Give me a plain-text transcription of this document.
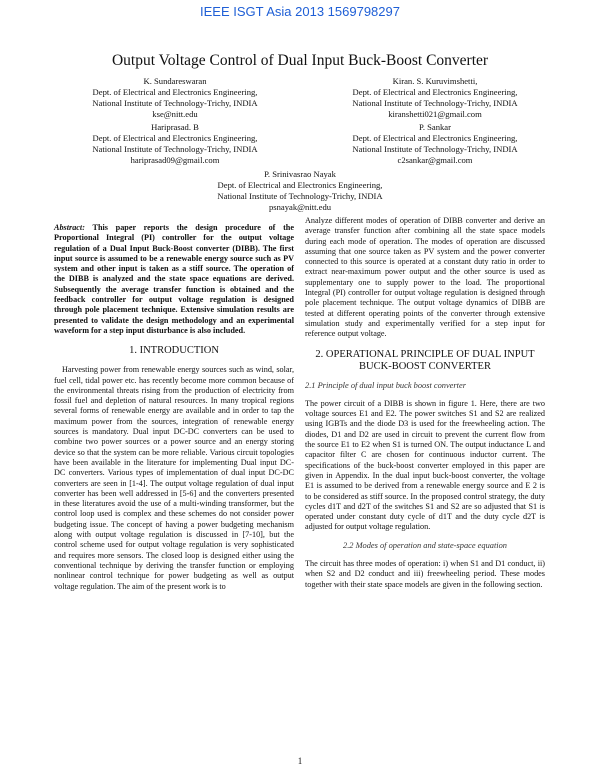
IEEE ISGT Asia 2013 1569798297
Output Voltage Control of Dual Input Buck-Boost Converter
K. Sundareswaran
Dept. of Electrical and Electronics Engineering,
National Institute of Technology-Trichy, INDIA
kse@nitt.edu
Kiran. S. Kuruvimshetti,
Dept. of Electrical and Electronics Engineering,
National Institute of Technology-Trichy, INDIA
kiranshetti021@gmail.com
Hariprasad. B
Dept. of Electrical and Electronics Engineering,
National Institute of Technology-Trichy, INDIA
hariprasad09@gmail.com
P. Sankar
Dept. of Electrical and Electronics Engineering,
National Institute of Technology-Trichy, INDIA
c2sankar@gmail.com
P. Srinivasrao Nayak
Dept. of Electrical and Electronics Engineering,
National Institute of Technology-Trichy, INDIA
psnayak@nitt.edu

Abstract: This paper reports the design procedure of the Proportional Integral (PI) controller for the output voltage regulation of a Dual Input Buck-Boost converter (DIBB). The first input source is assumed to be a renewable energy source such as PV system and other input is taken as a stiff source. The operation of the DIBB is analyzed and the state space equations are derived. Subsequently the average transfer function is obtained and the feedback controller for output voltage regulation is designed through pole placement technique. Extensive simulation results are presented to validate the design methodology and an experimental waveform for a step input disturbance is also included.

1. INTRODUCTION

Harvesting power from renewable energy sources such as wind, solar, fuel cell, tidal power etc. has recently become more common because of the environmental threats rising from the production of electricity from fossil fuel and depletion of natural resources. In many tropical regions several forms of renewable energy are available and in order to tap the maximum power from the sources, integration of renewable energy sources is mandatory. Dual input DC-DC converters can be used to combine two power sources or a power source and an energy storing device so that the system can be more reliable. Various circuit topologies have been available in the literature for implementing Dual input DC-DC converters. Various types of implementation of dual input DC-DC converters are seen in [1-4]. The output voltage regulation of dual input converter has been well addressed in [5-6] and the converters presented in these literatures avoid the use of a multi-winding transformer, but the control loop used is complex and these schemes do not consider power budgeting issue. The concept of having a power budgeting mechanism along with output voltage regulation is discussed in [7-10], but the control scheme used for output voltage regulation is very sophisticated and requires more sensors. The closed loop is designed either using the conventional technique by deriving the transfer function or employing nonlinear control technique for power budgeting as well as output voltage regulation. The aim of the present work is to

Analyze different modes of operation of DIBB converter and derive an average transfer function after combining all the state space models during each mode of operation. The modes of operation are discussed assuming that one source taken as PV system and the power converter connected to this source is operated at a constant duty ratio in order to extract near-maximum power output and the other source is used as supplementary one to supply power to the load. The proportional Integral (PI) controller for output voltage regulation is designed through pole placement technique. The output voltage dynamics of DIBB are tested at different operating points of the converter through extensive simulation study and experimentally verified for a step input for reference output voltage.

2. OPERATIONAL PRINCIPLE OF DUAL INPUT BUCK-BOOST CONVERTER
2.1 Principle of dual input buck boost converter

The power circuit of a DIBB is shown in figure 1. Here, there are two voltage sources E1 and E2. The power switches S1 and S2 are realized using IGBTs and the diode D3 is used for the freewheeling action. The diodes, D1 and D2 are used in circuit to prevent the current flow from the source E1 to E2 when S1 is turned ON. The output inductance L and capacitor filter C are chosen for continuous inductor current. The specifications of the buck-boost converter employed in this paper are given in Appendix. In the dual input buck-boost converter, the voltage E1 is assumed to be derived from a renewable energy source and E 2 is to be considered as stiff source. In the proposed control strategy, the duty cycles d1T and d2T of the switches S1 and S2 are so adjusted that S1 is operated under constant duty cycle of d1T and the duty cycle d2T is adjusted for output voltage regulation.

2.2 Modes of operation and state-space equation

The circuit has three modes of operation: i) when S1 and D1 conduct, ii) when S2 and D2 conduct and iii) freewheeling period. These modes together with their state space models are given in the following section.

1
